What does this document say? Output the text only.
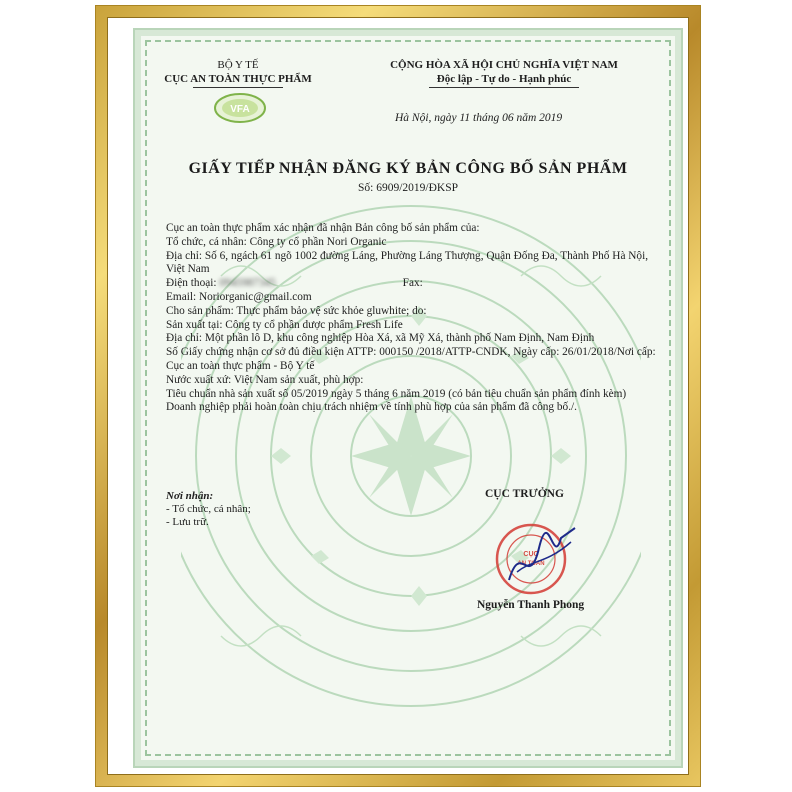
BỘ Y TẾ
CỤC AN TOÀN THỰC PHẨM
VFA
CỘNG HÒA XÃ HỘI CHỦ NGHĨA VIỆT NAM
Độc lập - Tự do - Hạnh phúc
Hà Nội, ngày 11 tháng 06 năm 2019
GIẤY TIẾP NHẬN ĐĂNG KÝ BẢN CÔNG BỐ SẢN PHẨM
Số: 6909/2019/ĐKSP

Cục an toàn thực phẩm xác nhận đã nhận Bản công bố sản phẩm của:

Tổ chức, cá nhân: Công ty cổ phần Nori Organic

Địa chỉ: Số 6, ngách 61 ngõ 1002 đường Láng, Phường Láng Thượng, Quận Đống Đa, Thành Phố Hà Nội, Việt Nam

Điện thoại: 0945987345	Fax:

Email: Noriorganic@gmail.com

Cho sản phẩm: Thực phẩm bảo vệ sức khỏe gluwhite; do:

Sản xuất tại: Công ty cổ phần dược phẩm Fresh Life

Địa chỉ: Một phần lô D, khu công nghiệp Hòa Xá, xã Mỹ Xá, thành phố Nam Định, Nam Định

Số Giấy chứng nhận cơ sở đủ điều kiện ATTP: 000150 /2018/ATTP-CNDK, Ngày cấp: 26/01/2018/Nơi cấp: Cục an toàn thực phẩm - Bộ Y tế

Nước xuất xứ: Việt Nam sản xuất, phù hợp:

Tiêu chuẩn nhà sản xuất số 05/2019 ngày 5 tháng 6 năm 2019 (có bản tiêu chuẩn sản phẩm đính kèm)

Doanh nghiệp phải hoàn toàn chịu trách nhiệm về tính phù hợp của sản phẩm đã công bố./.

Nơi nhận:
- Tổ chức, cá nhân;
- Lưu trữ.
CỤC TRƯỞNG
CỤC
AN TOÀN
Nguyễn Thanh Phong
